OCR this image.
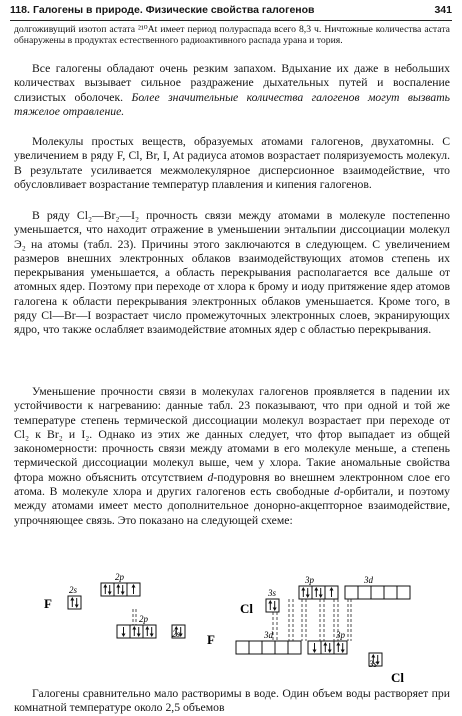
118. Галогены в природе. Физические свойства галогенов	341

долгоживущий изотоп астата ²¹⁰At имеет период полураспада всего 8,3 ч. Ничтожные количества астата обнаружены в продуктах естественного радиоактивного распада урана и тория.

Все галогены обладают очень резким запахом. Вдыхание их даже в небольших количествах вызывает сильное раздражение дыхательных путей и воспаление слизистых оболочек. Более значительные количества галогенов могут вызвать тяжелое отравление.

Молекулы простых веществ, образуемых атомами галогенов, двухатомны. С увеличением в ряду F, Cl, Br, I, At радиуса атомов возрастает поляризуемость молекул. В результате усиливается межмолекулярное дисперсионное взаимодействие, что обусловливает возрастание температур плавления и кипения галогенов.

В ряду Cl₂—Br₂—I₂ прочность связи между атомами в молекуле постепенно уменьшается, что находит отражение в уменьшении энтальпии диссоциации молекул Э₂ на атомы (табл. 23). Причины этого заключаются в следующем. С увеличением размеров внешних электронных облаков взаимодействующих атомов степень их перекрывания уменьшается, а область перекрывания располагается все дальше от атомных ядер. Поэтому при переходе от хлора к брому и иоду притяжение ядер атомов галогена к области перекрывания электронных облаков уменьшается. Кроме того, в ряду Cl—Br—I возрастает число промежуточных электронных слоев, экранирующих ядро, что также ослабляет взаимодействие атомных ядер с областью перекрывания.

Уменьшение прочности связи в молекулах галогенов проявляется в падении их устойчивости к нагреванию: данные табл. 23 показывают, что при одной и той же температуре степень термической диссоциации молекул возрастает при переходе от Cl₂ к Br₂ и I₂. Однако из этих же данных следует, что фтор выпадает из общей закономерности: прочность связи между атомами в его молекуле меньше, а степень термической диссоциации молекул выше, чем у хлора. Такие аномальные свойства фтора можно объяснить отсутствием d-подуровня во внешнем электронном слое его атома. В молекуле хлора и других галогенов есть свободные d-орбитали, и поэтому между атомами имеет место дополнительное донорно-акцепторное взаимодействие, упрочняющее связь. Это показано на следующей схеме:

F
F
Cl
Cl
2s
2p
2p
2s
3s
3p	3d
3d	3p
3s

Галогены сравнительно мало растворимы в воде. Один объем воды растворяет при комнатной температуре около 2,5 объемов
